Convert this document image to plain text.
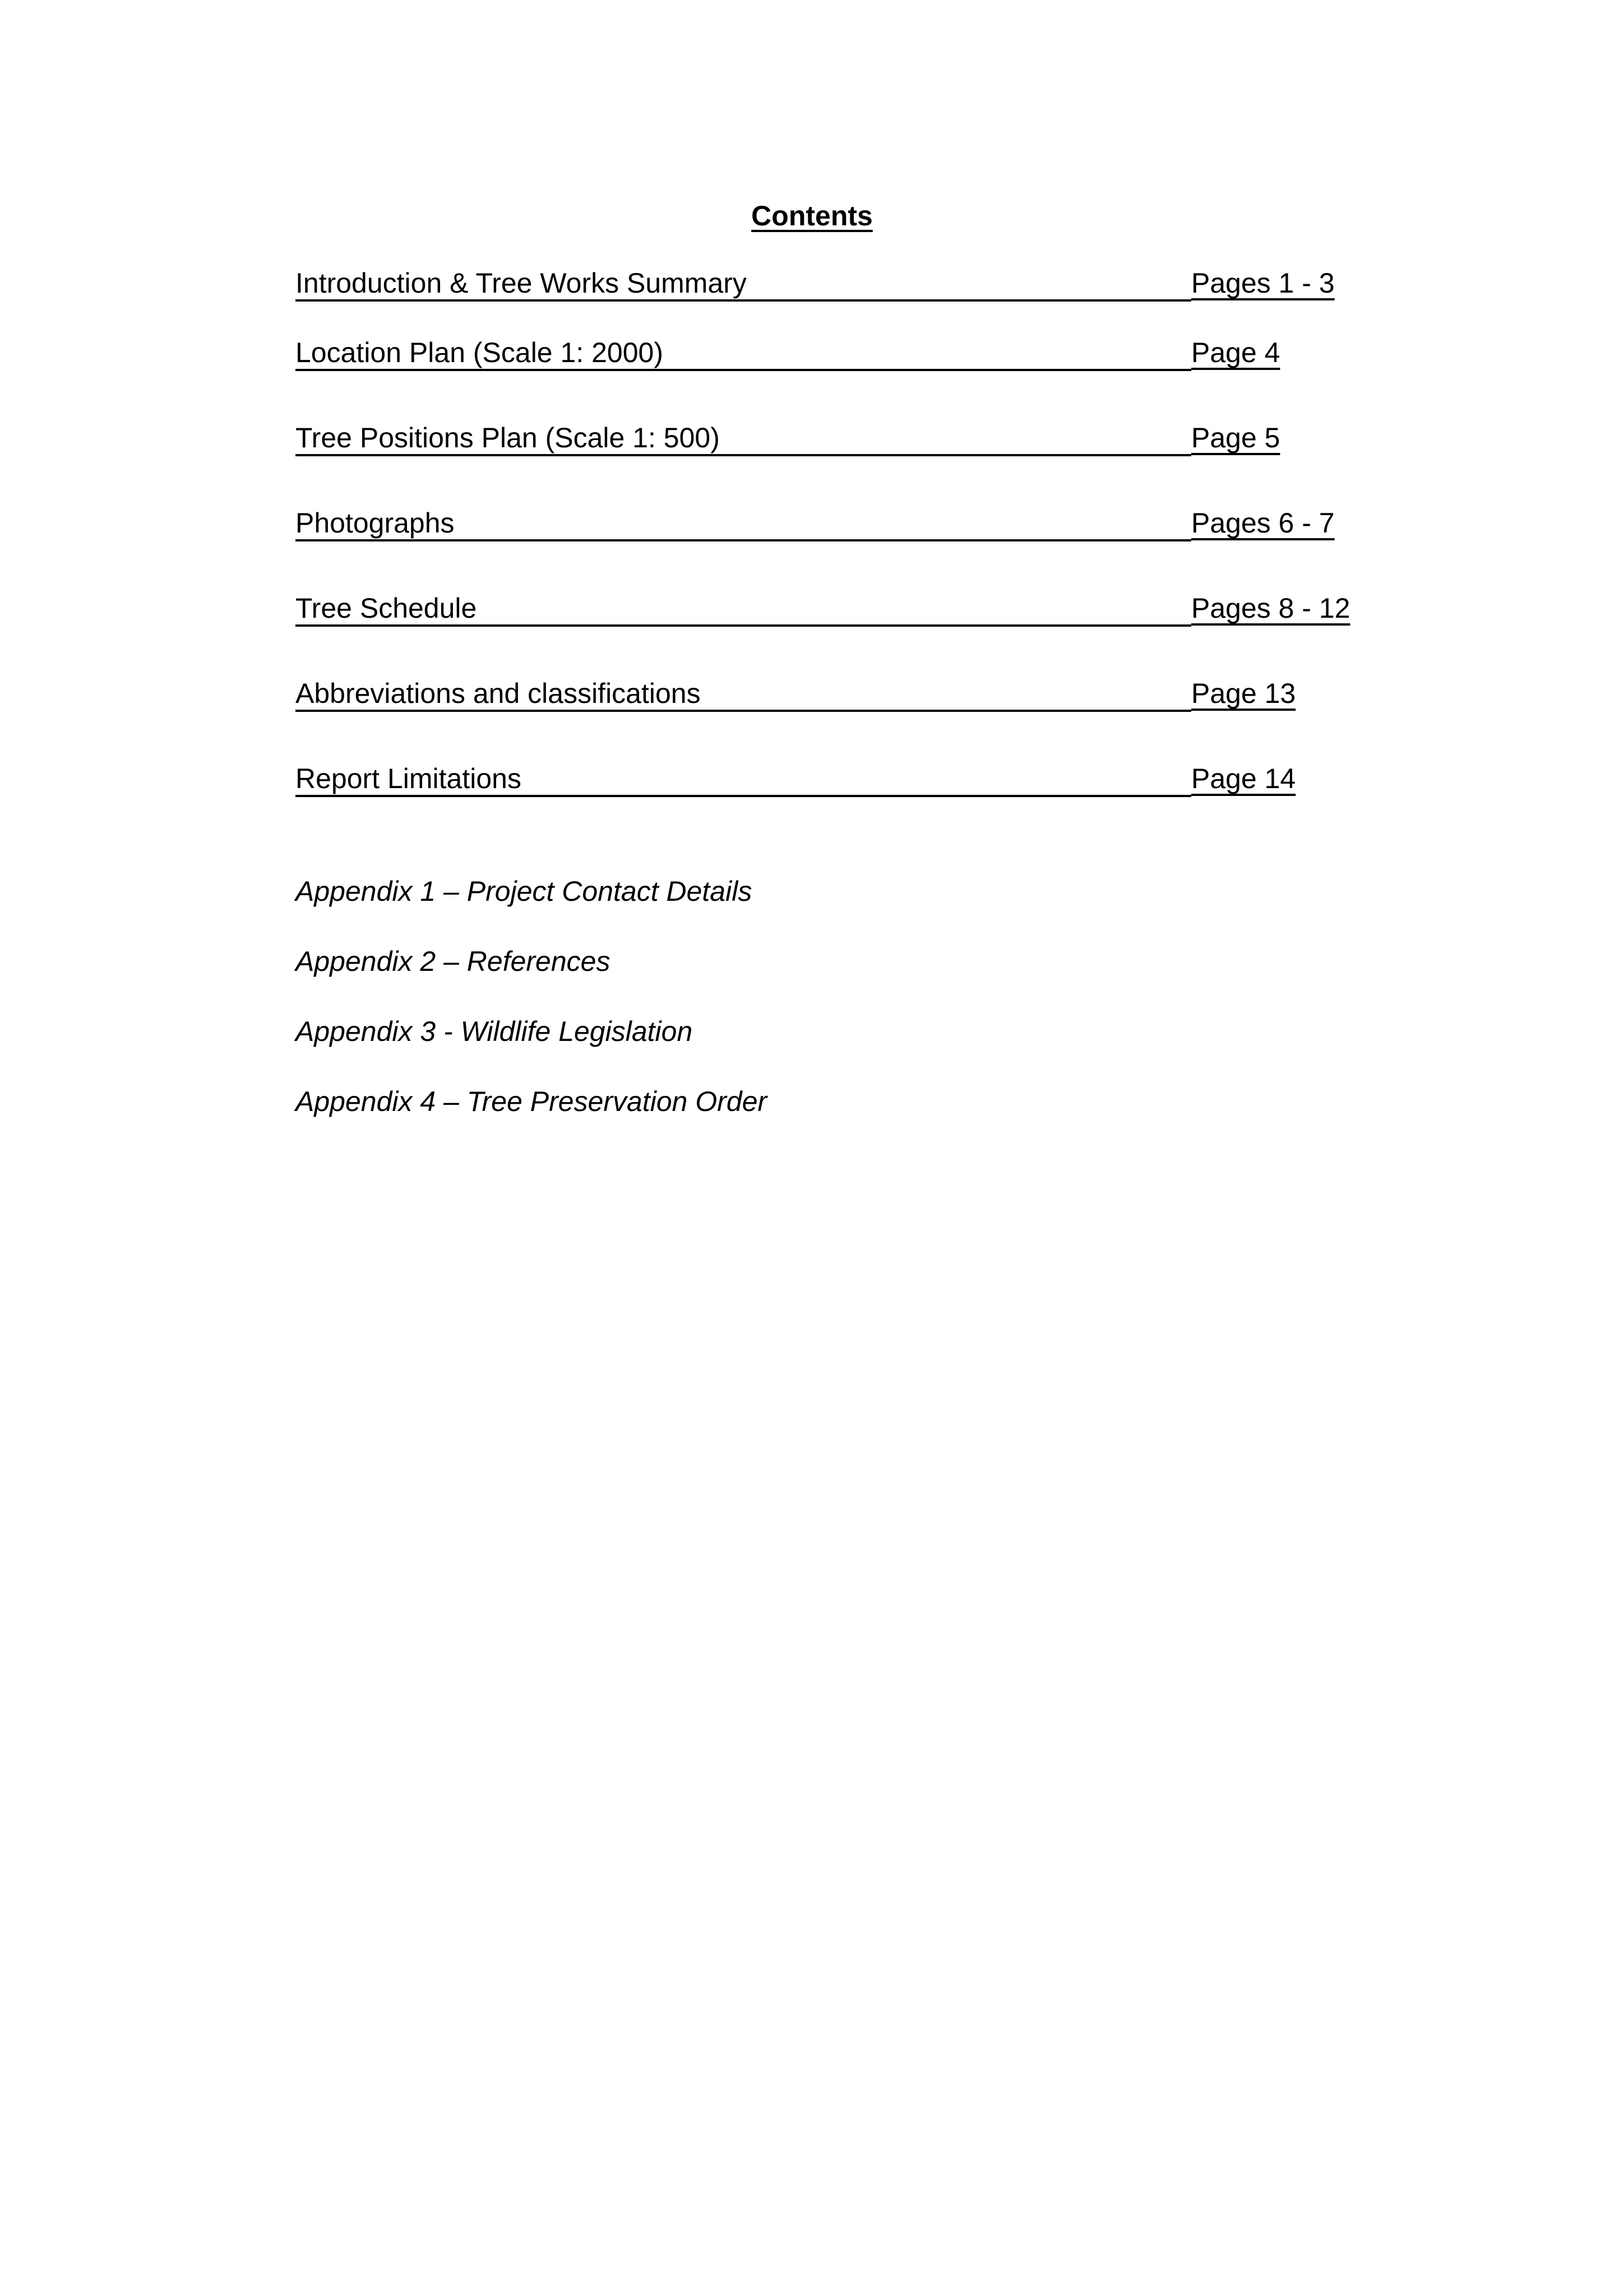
Contents
Introduction & Tree Works Summary	Pages 1 - 3
Location Plan (Scale 1: 2000)	Page 4
Tree Positions Plan (Scale 1: 500)	Page 5
Photographs	Pages 6 - 7
Tree Schedule	Pages 8 - 12
Abbreviations and classifications	Page 13
Report Limitations	Page 14
Appendix 1 – Project Contact Details
Appendix 2 – References
Appendix 3 - Wildlife Legislation
Appendix 4 – Tree Preservation Order
